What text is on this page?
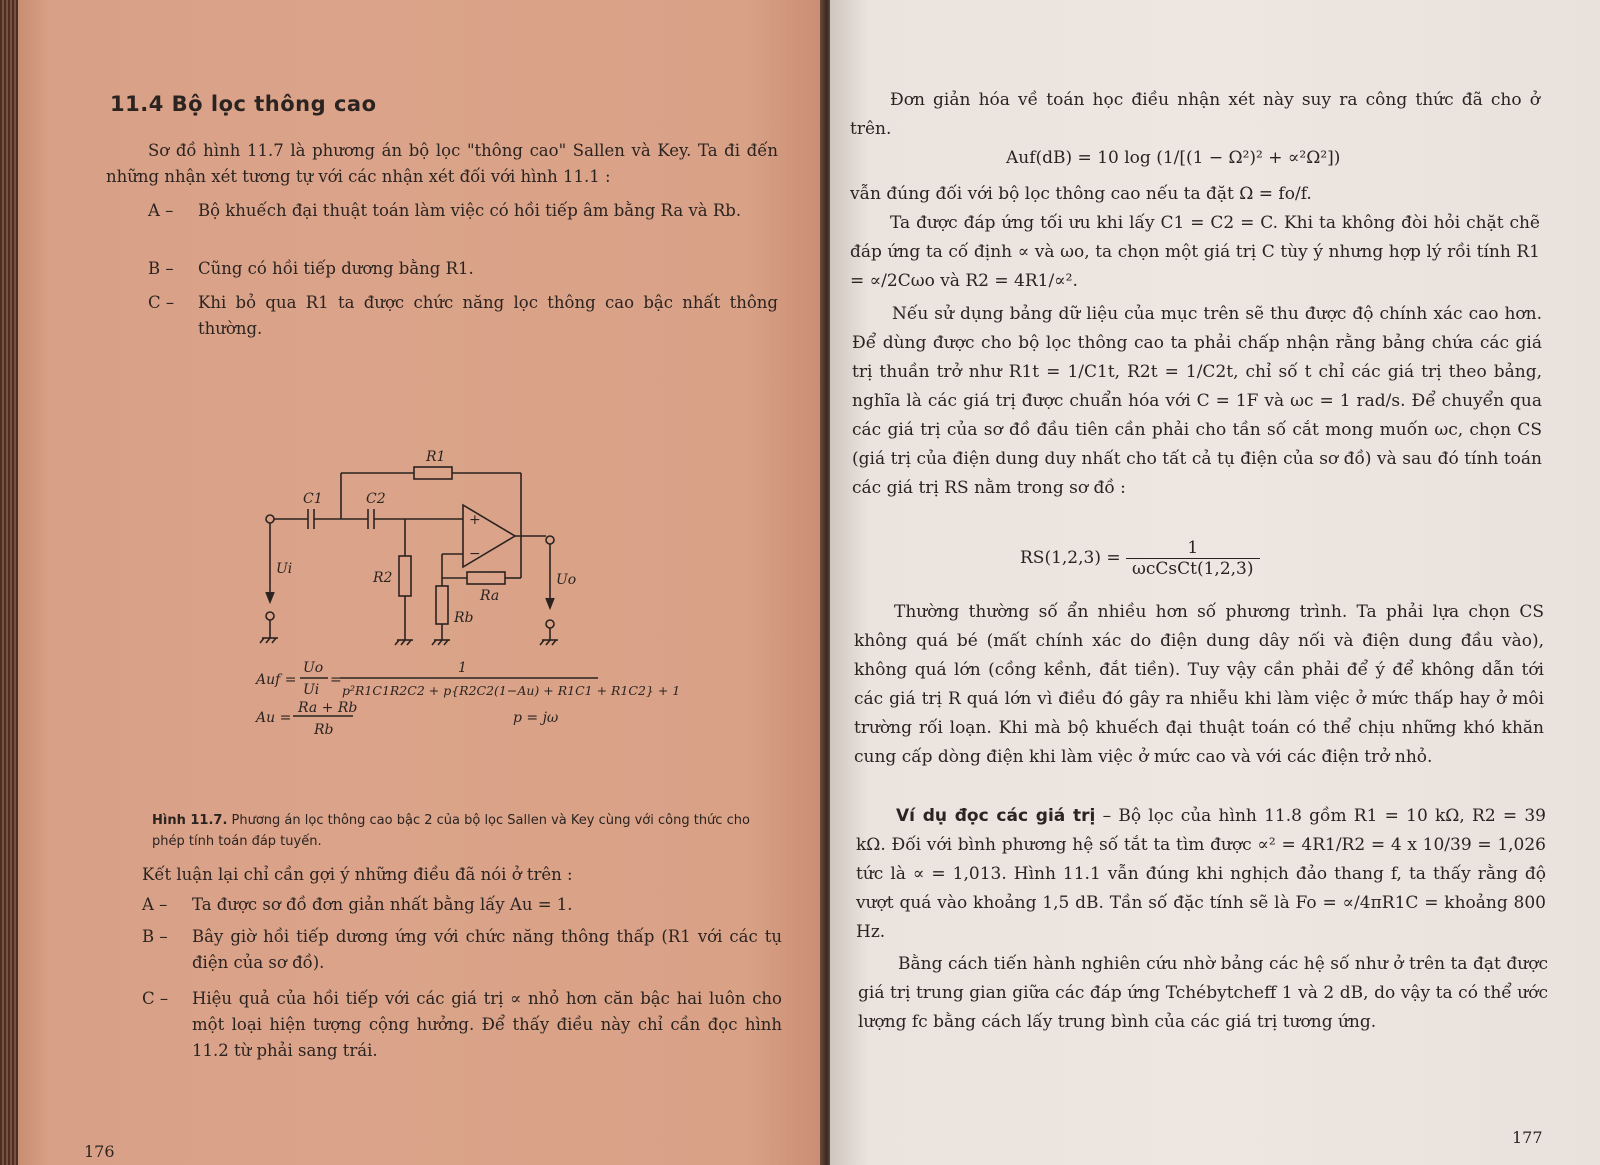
11.4 Bộ lọc thông cao

Sơ đồ hình 11.7 là phương án bộ lọc "thông cao" Sallen và Key. Ta đi đến những nhận xét tương tự với các nhận xét đối với hình 11.1 :

A –	Bộ khuếch đại thuật toán làm việc có hồi tiếp âm bằng Ra và Rb.
B –	Cũng có hồi tiếp dương bằng R1.
C –	Khi bỏ qua R1 ta được chức năng lọc thông cao bậc nhất thông thường.
R1
C1	C2
R2
Ra
Rb
Ui
Uo
+
−
Auf =
Uo
Ui
=
1
p²R1C1R2C2 + p{R2C2(1−Au) + R1C1 + R1C2} + 1
Au =
Ra + Rb
Rb
p = jω
Hình 11.7. Phương án lọc thông cao bậc 2 của bộ lọc Sallen và Key cùng với công thức cho phép tính toán đáp tuyến.

Kết luận lại chỉ cần gợi ý những điều đã nói ở trên :

A –	Ta được sơ đồ đơn giản nhất bằng lấy Au = 1.
B –	Bây giờ hồi tiếp dương ứng với chức năng thông thấp (R1 với các tụ điện của sơ đồ).
C –	Hiệu quả của hồi tiếp với các giá trị ∝ nhỏ hơn căn bậc hai luôn cho một loại hiện tượng cộng hưởng. Để thấy điều này chỉ cần đọc hình 11.2 từ phải sang trái.
176

Đơn giản hóa về toán học điều nhận xét này suy ra công thức đã cho ở trên.

Auf(dB) = 10 log (1/[(1 − Ω²)² + ∝²Ω²])

vẫn đúng đối với bộ lọc thông cao nếu ta đặt Ω = fo/f.

Ta được đáp ứng tối ưu khi lấy C1 = C2 = C. Khi ta không đòi hỏi chặt chẽ đáp ứng ta cố định ∝ và ωo, ta chọn một giá trị C tùy ý nhưng hợp lý rồi tính R1 = ∝/2Cωo và R2 = 4R1/∝².

Nếu sử dụng bảng dữ liệu của mục trên sẽ thu được độ chính xác cao hơn. Để dùng được cho bộ lọc thông cao ta phải chấp nhận rằng bảng chứa các giá trị thuần trở như R1t = 1/C1t, R2t = 1/C2t, chỉ số t chỉ các giá trị theo bảng, nghĩa là các giá trị được chuẩn hóa với C = 1F và ωc = 1 rad/s. Để chuyển qua các giá trị của sơ đồ đầu tiên cần phải cho tần số cắt mong muốn ωc, chọn CS (giá trị của điện dung duy nhất cho tất cả tụ điện của sơ đồ) và sau đó tính toán các giá trị RS nằm trong sơ đồ :

$RS(1,2,3) = \frac{1}{\text{ωcCsCt(1,2,3)}}$

Thường thường số ẩn nhiều hơn số phương trình. Ta phải lựa chọn CS không quá bé (mất chính xác do điện dung dây nối và điện dung đầu vào), không quá lớn (cồng kềnh, đắt tiền). Tuy vậy cần phải để ý để không dẫn tới các giá trị R quá lớn vì điều đó gây ra nhiễu khi làm việc ở mức thấp hay ở môi trường rối loạn. Khi mà bộ khuếch đại thuật toán có thể chịu những khó khăn cung cấp dòng điện khi làm việc ở mức cao và với các điện trở nhỏ.

Ví dụ đọc các giá trị – Bộ lọc của hình 11.8 gồm R1 = 10 kΩ, R2 = 39 kΩ. Đối với bình phương hệ số tắt ta tìm được ∝² = 4R1/R2 = 4 x 10/39 = 1,026 tức là ∝ = 1,013. Hình 11.1 vẫn đúng khi nghịch đảo thang f, ta thấy rằng độ vượt quá vào khoảng 1,5 dB. Tần số đặc tính sẽ là Fo = ∝/4πR1C = khoảng 800 Hz.

Bằng cách tiến hành nghiên cứu nhờ bảng các hệ số như ở trên ta đạt được giá trị trung gian giữa các đáp ứng Tchébytcheff 1 và 2 dB, do vậy ta có thể ước lượng fc bằng cách lấy trung bình của các giá trị tương ứng.

177
